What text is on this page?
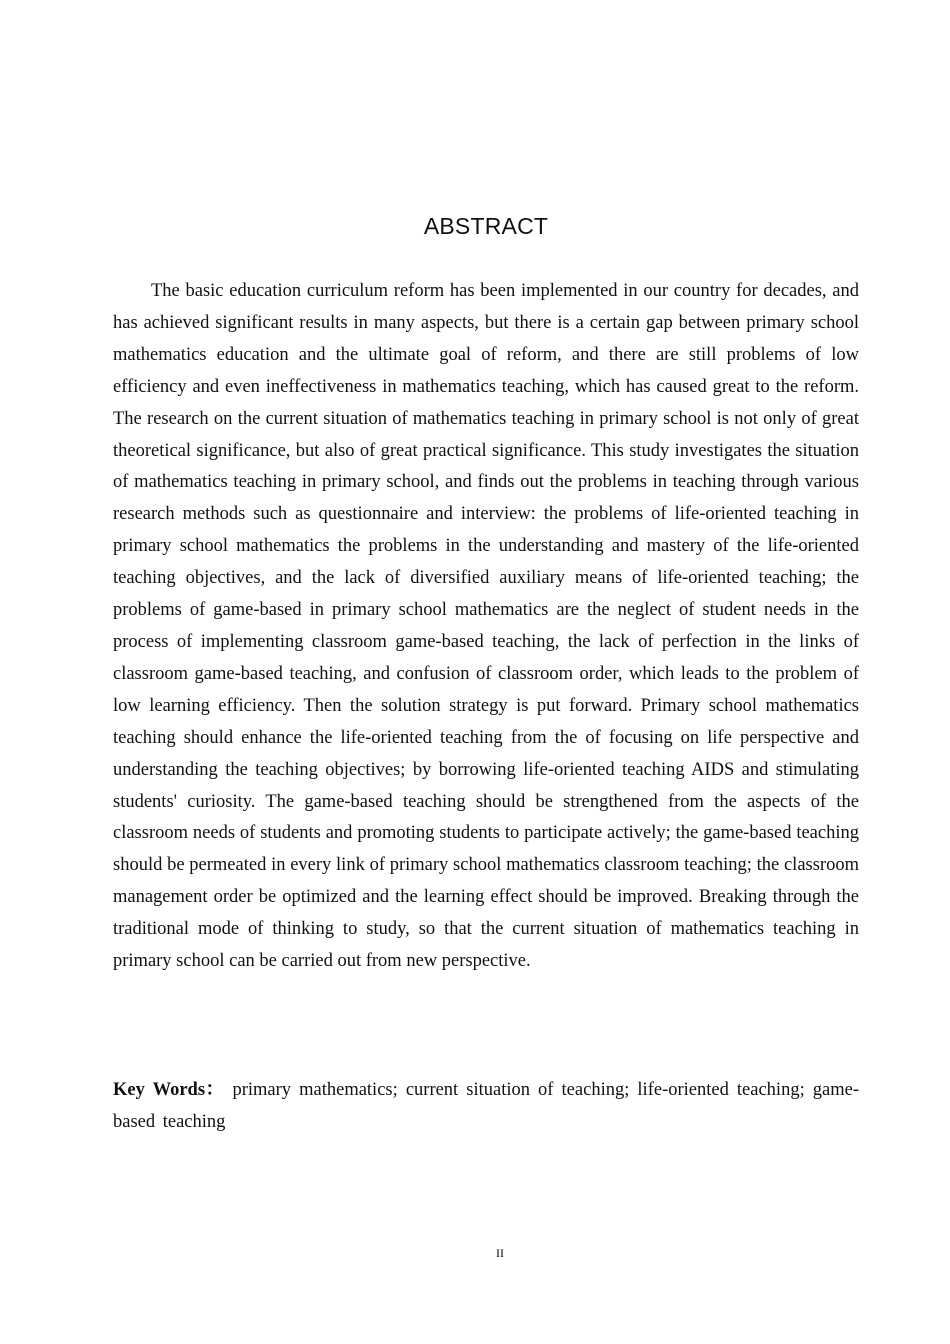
ABSTRACT

The basic education curriculum reform has been implemented in our country for decades, and has achieved significant results in many aspects, but there is a certain gap between primary school mathematics education and the ultimate goal of reform, and there are still problems of low efficiency and even ineffectiveness in mathematics teaching, which has caused great to the reform. The research on the current situation of mathematics teaching in primary school is not only of great theoretical significance, but also of great practical significance. This study investigates the situation of mathematics teaching in primary school, and finds out the problems in teaching through various research methods such as questionnaire and interview: the problems of life-oriented teaching in primary school mathematics the problems in the understanding and mastery of the life-oriented teaching objectives, and the lack of diversified auxiliary means of life-oriented teaching; the problems of game-based in primary school mathematics are the neglect of student needs in the process of implementing classroom game-based teaching, the lack of perfection in the links of classroom game-based teaching, and confusion of classroom order, which leads to the problem of low learning efficiency. Then the solution strategy is put forward. Primary school mathematics teaching should enhance the life-oriented teaching from the of focusing on life perspective and understanding the teaching objectives; by borrowing life-oriented teaching AIDS and stimulating students' curiosity. The game-based teaching should be strengthened from the aspects of the classroom needs of students and promoting students to participate actively; the game-based teaching should be permeated in every link of primary school mathematics classroom teaching; the classroom management order be optimized and the learning effect should be improved. Breaking through the traditional mode of thinking to study, so that the current situation of mathematics teaching in primary school can be carried out from new perspective.

Key Words： primary mathematics; current situation of teaching; life-oriented teaching; game-based teaching

II
